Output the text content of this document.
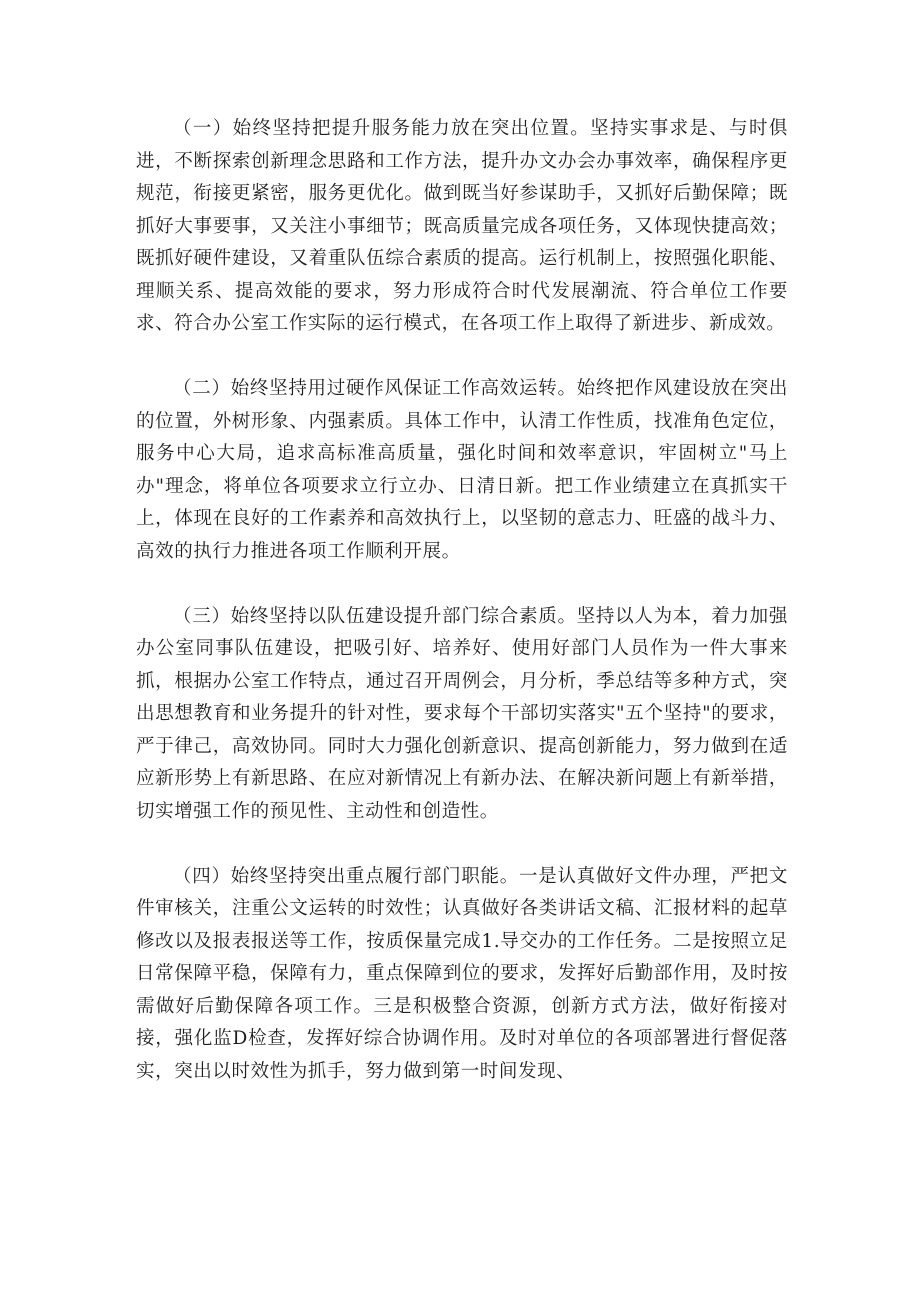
（一）始终坚持把提升服务能力放在突出位置。坚持实事求是、与时俱进，不断探索创新理念思路和工作方法，提升办文办会办事效率，确保程序更规范，衔接更紧密，服务更优化。做到既当好参谋助手，又抓好后勤保障；既抓好大事要事，又关注小事细节；既高质量完成各项任务，又体现快捷高效；既抓好硬件建设，又着重队伍综合素质的提高。运行机制上，按照强化职能、理顺关系、提高效能的要求，努力形成符合时代发展潮流、符合单位工作要求、符合办公室工作实际的运行模式，在各项工作上取得了新进步、新成效。

（二）始终坚持用过硬作风保证工作高效运转。始终把作风建设放在突出的位置，外树形象、内强素质。具体工作中，认清工作性质，找准角色定位，服务中心大局，追求高标准高质量，强化时间和效率意识，牢固树立"马上办"理念，将单位各项要求立行立办、日清日新。把工作业绩建立在真抓实干上，体现在良好的工作素养和高效执行上，以坚韧的意志力、旺盛的战斗力、高效的执行力推进各项工作顺利开展。

（三）始终坚持以队伍建设提升部门综合素质。坚持以人为本，着力加强办公室同事队伍建设，把吸引好、培养好、使用好部门人员作为一件大事来抓，根据办公室工作特点，通过召开周例会，月分析，季总结等多种方式，突出思想教育和业务提升的针对性，要求每个干部切实落实"五个坚持"的要求，严于律己，高效协同。同时大力强化创新意识、提高创新能力，努力做到在适应新形势上有新思路、在应对新情况上有新办法、在解决新问题上有新举措，切实增强工作的预见性、主动性和创造性。

（四）始终坚持突出重点履行部门职能。一是认真做好文件办理，严把文件审核关，注重公文运转的时效性；认真做好各类讲话文稿、汇报材料的起草修改以及报表报送等工作，按质保量完成1.导交办的工作任务。二是按照立足日常保障平稳，保障有力，重点保障到位的要求，发挥好后勤部作用，及时按需做好后勤保障各项工作。三是积极整合资源，创新方式方法，做好衔接对接，强化监D检查，发挥好综合协调作用。及时对单位的各项部署进行督促落实，突出以时效性为抓手，努力做到第一时间发现、
